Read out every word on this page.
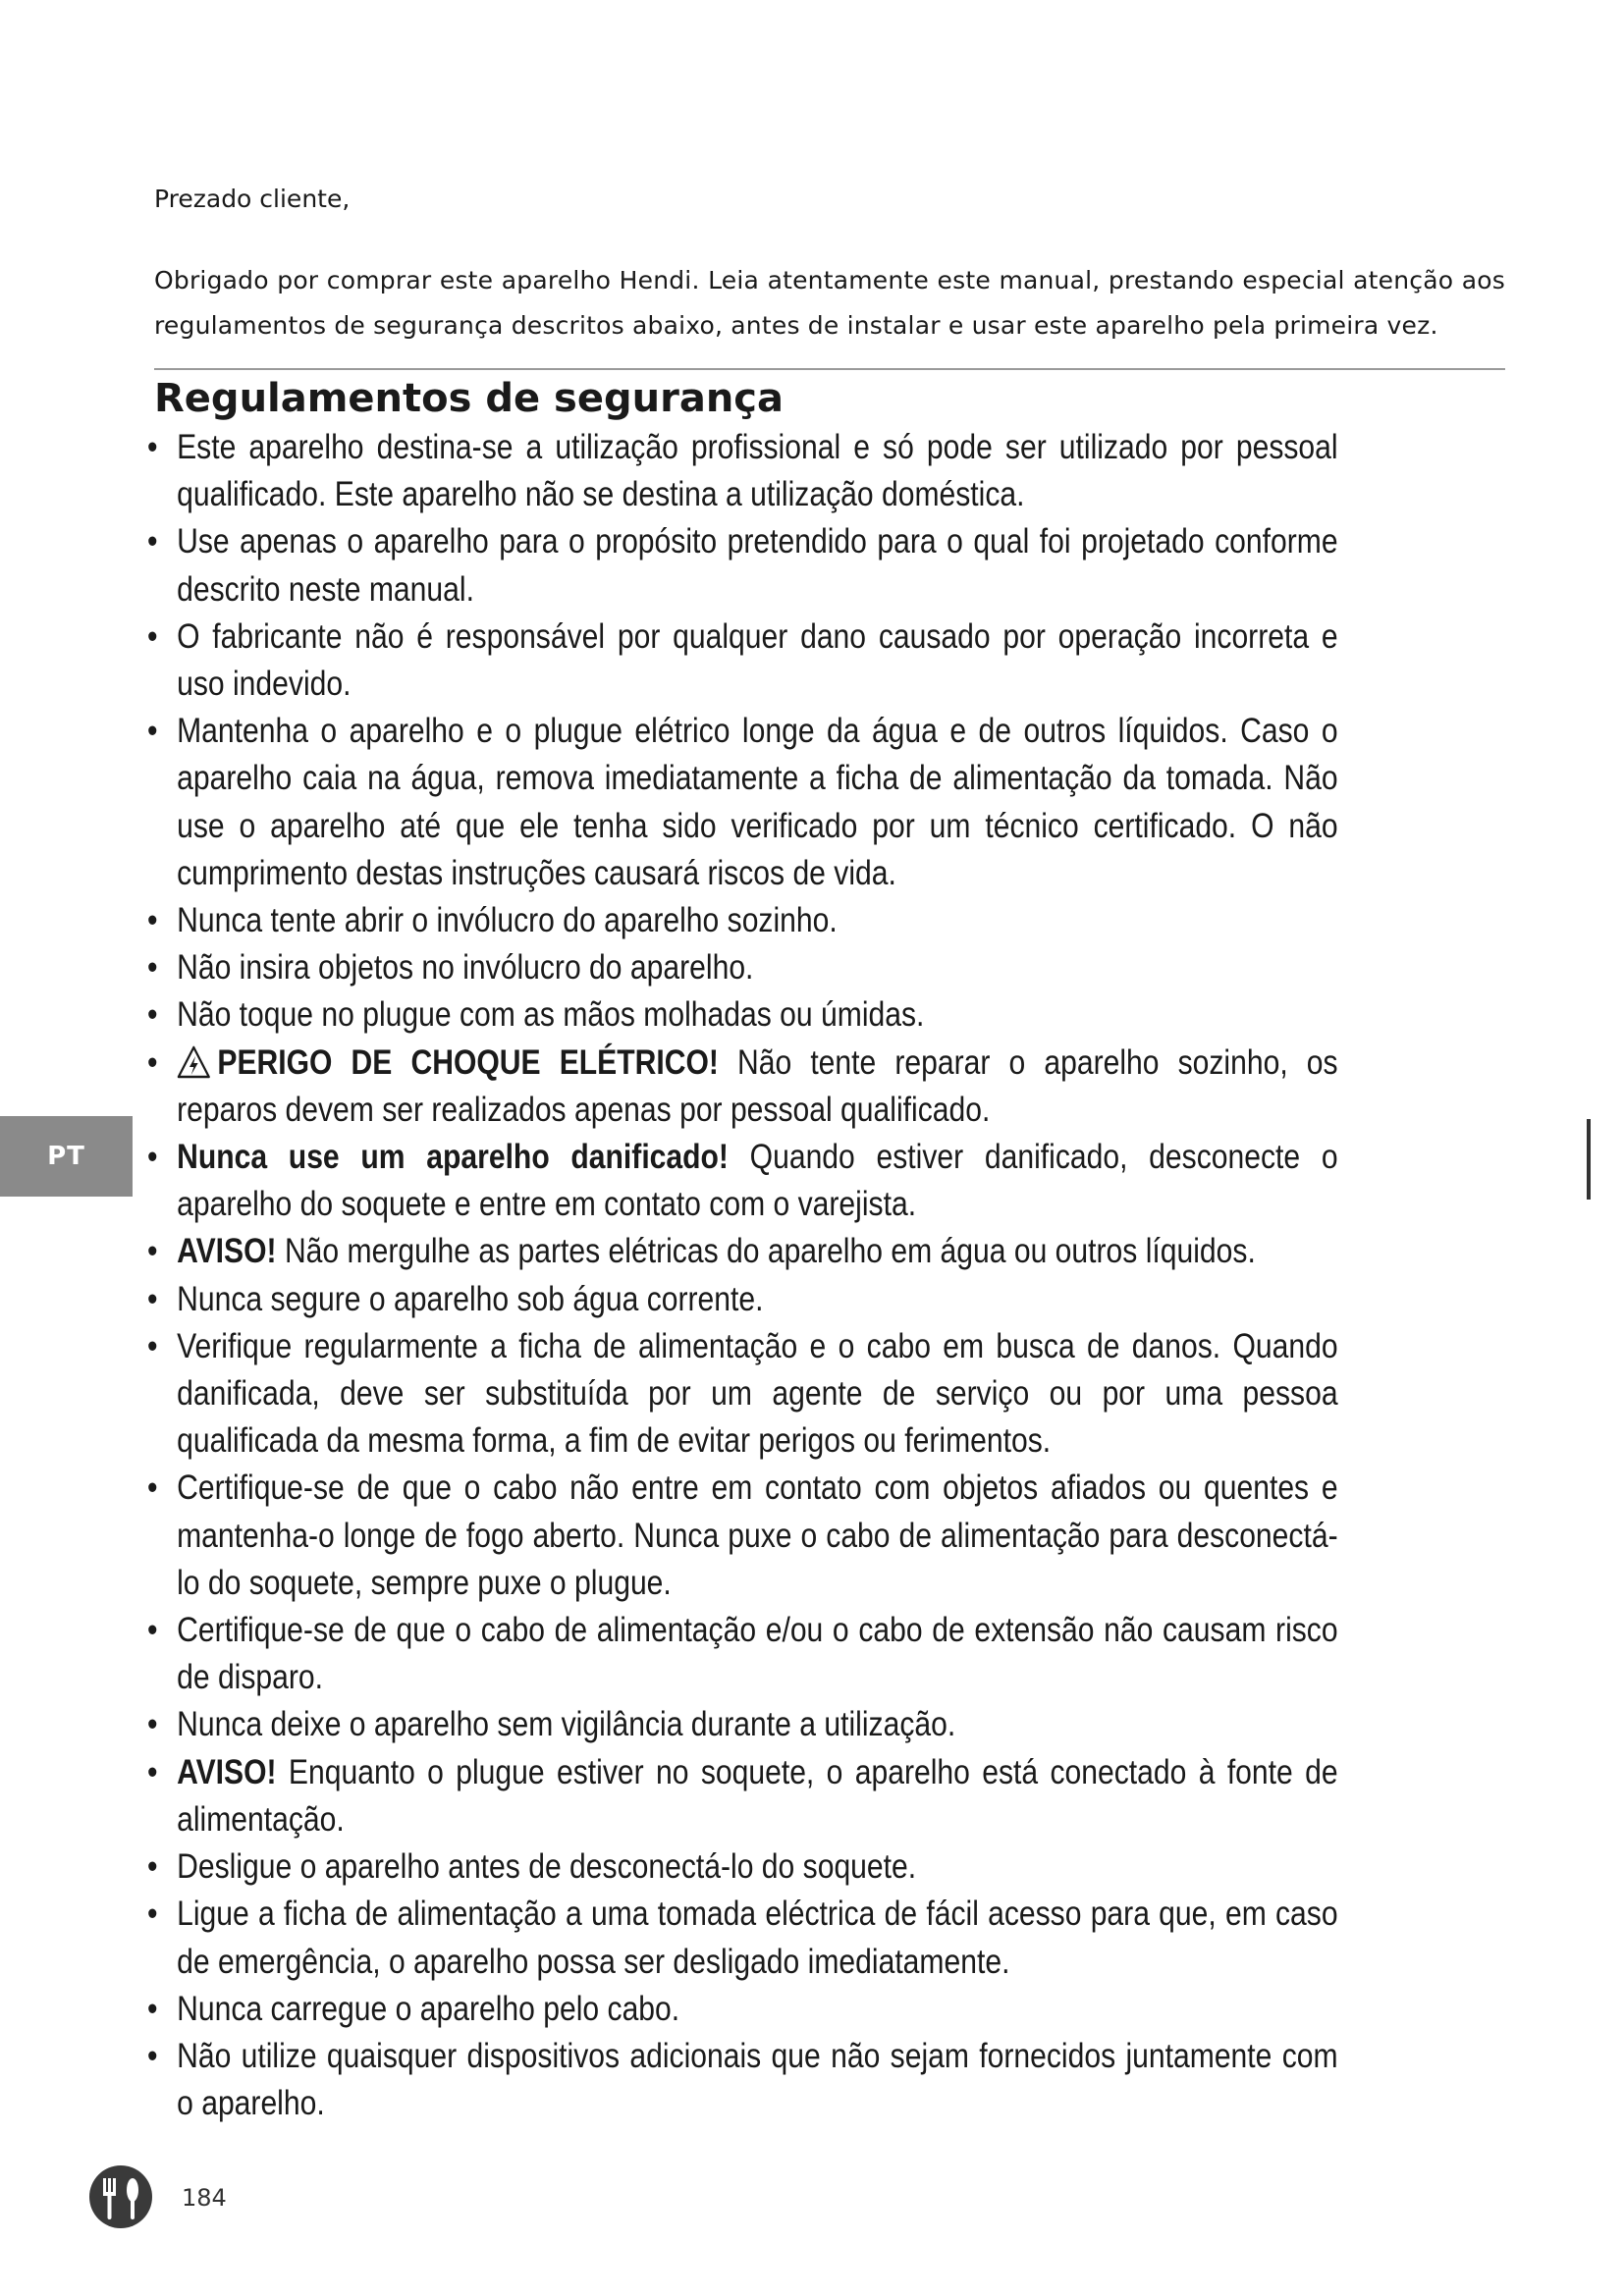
Prezado cliente,

Obrigado por comprar este aparelho Hendi. Leia atentamente este manual, prestando especial atenção aos regulamentos de segurança descritos abaixo, antes de instalar e usar este aparelho pela primeira vez.

Regulamentos de segurança
• Este aparelho destina-se a utilização profissional e só pode ser utilizado por pessoal qualificado. Este aparelho não se destina a utilização doméstica.
• Use apenas o aparelho para o propósito pretendido para o qual foi projetado conforme descrito neste manual.
• O fabricante não é responsável por qualquer dano causado por operação incorreta e uso indevido.
• Mantenha o aparelho e o plugue elétrico longe da água e de outros líquidos. Caso o aparelho caia na água, remova imediatamente a ficha de alimentação da tomada. Não use o aparelho até que ele tenha sido verificado por um técnico certificado. O não cumprimento destas instruções causará riscos de vida.
• Nunca tente abrir o invólucro do aparelho sozinho.
• Não insira objetos no invólucro do aparelho.
• Não toque no plugue com as mãos molhadas ou úmidas.
• PERIGO DE CHOQUE ELÉTRICO! Não tente reparar o aparelho sozinho, os reparos devem ser realizados apenas por pessoal qualificado.
• Nunca use um aparelho danificado! Quando estiver danificado, desconecte o aparelho do soquete e entre em contato com o varejista.
• AVISO! Não mergulhe as partes elétricas do aparelho em água ou outros líquidos.
• Nunca segure o aparelho sob água corrente.
• Verifique regularmente a ficha de alimentação e o cabo em busca de danos. Quando danificada, deve ser substituída por um agente de serviço ou por uma pessoa qualificada da mesma forma, a fim de evitar perigos ou ferimentos.
• Certifique-se de que o cabo não entre em contato com objetos afiados ou quentes e mantenha-o longe de fogo aberto. Nunca puxe o cabo de alimentação para desconectá-lo do soquete, sempre puxe o plugue.
• Certifique-se de que o cabo de alimentação e/ou o cabo de extensão não causam risco de disparo.
• Nunca deixe o aparelho sem vigilância durante a utilização.
• AVISO! Enquanto o plugue estiver no soquete, o aparelho está conectado à fonte de alimentação.
• Desligue o aparelho antes de desconectá-lo do soquete.
• Ligue a ficha de alimentação a uma tomada eléctrica de fácil acesso para que, em caso de emergência, o aparelho possa ser desligado imediatamente.
• Nunca carregue o aparelho pelo cabo.
• Não utilize quaisquer dispositivos adicionais que não sejam fornecidos juntamente com o aparelho.
PT

184
